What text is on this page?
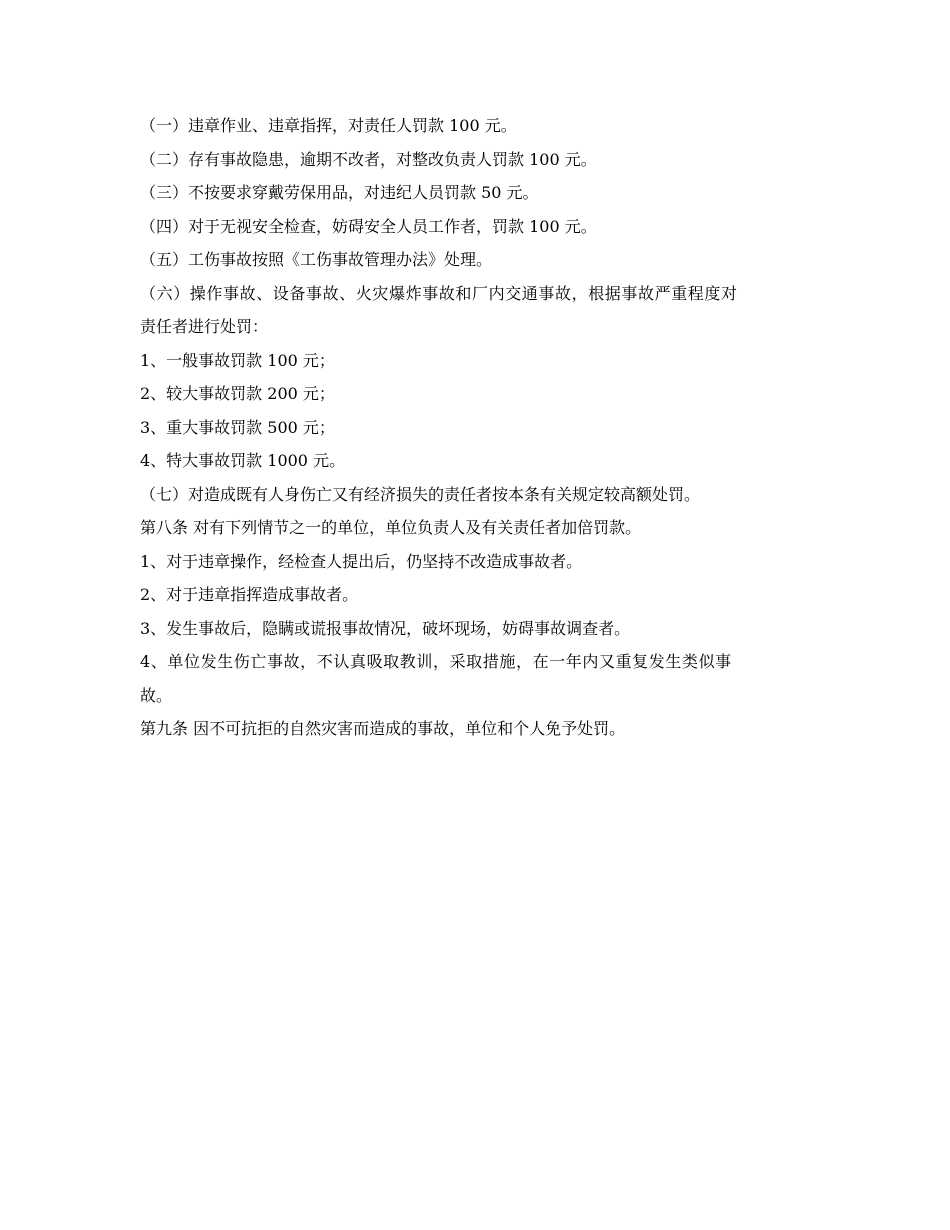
（一）违章作业、违章指挥，对责任人罚款 100 元。
（二）存有事故隐患，逾期不改者，对整改负责人罚款 100 元。
（三）不按要求穿戴劳保用品，对违纪人员罚款 50 元。
（四）对于无视安全检查，妨碍安全人员工作者，罚款 100 元。
（五）工伤事故按照《工伤事故管理办法》处理。
（六）操作事故、设备事故、火灾爆炸事故和厂内交通事故，根据事故严重程度对
责任者进行处罚：
1、一般事故罚款 100 元；
2、较大事故罚款 200 元；
3、重大事故罚款 500 元；
4、特大事故罚款 1000 元。
（七）对造成既有人身伤亡又有经济损失的责任者按本条有关规定较高额处罚。
第八条 对有下列情节之一的单位，单位负责人及有关责任者加倍罚款。
1、对于违章操作，经检查人提出后，仍坚持不改造成事故者。
2、对于违章指挥造成事故者。
3、发生事故后，隐瞒或谎报事故情况，破坏现场，妨碍事故调查者。
4、单位发生伤亡事故，不认真吸取教训，采取措施，在一年内又重复发生类似事
故。
第九条 因不可抗拒的自然灾害而造成的事故，单位和个人免予处罚。
